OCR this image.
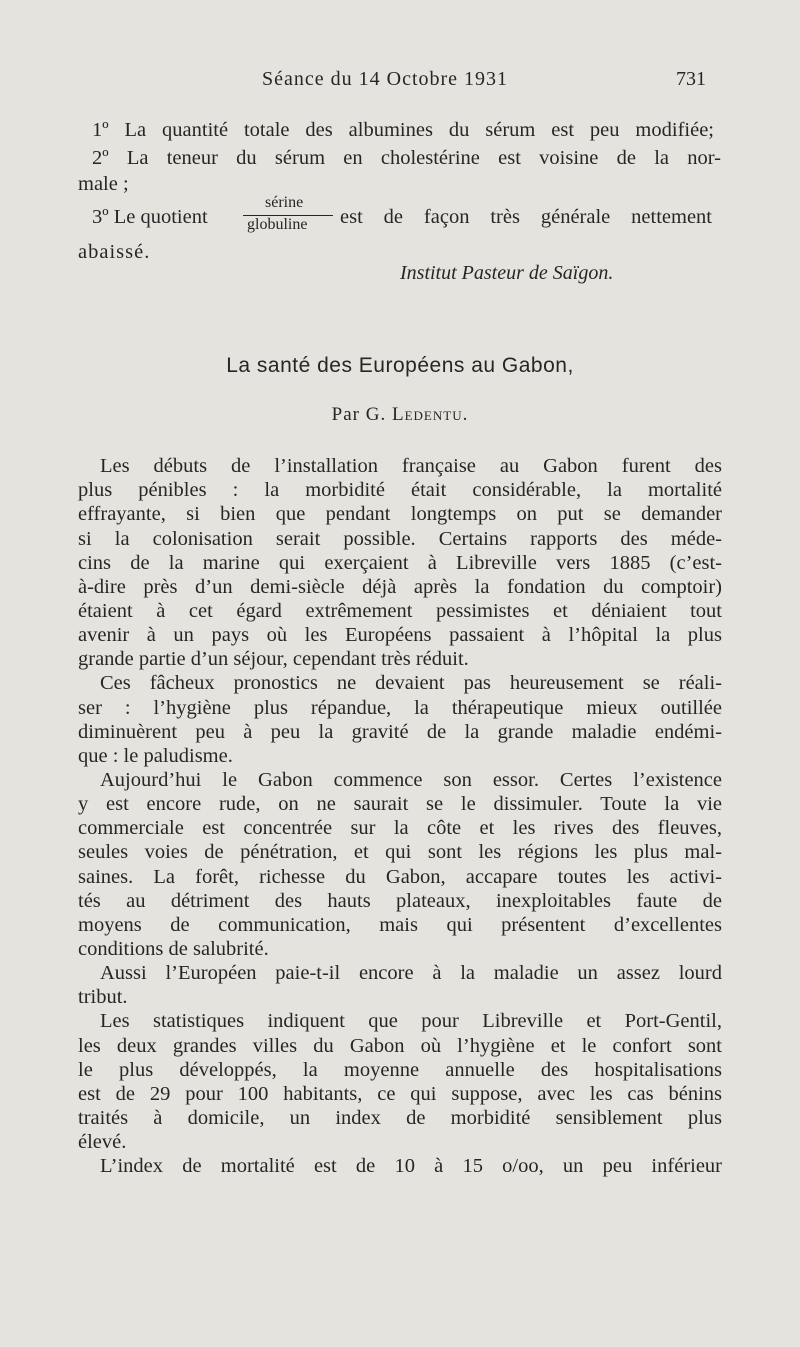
Séance du 14 Octobre 1931	731
1º La quantité totale des albumines du sérum est peu modifiée;
2º La teneur du sérum en cholestérine est voisine de la nor-
male ;
3º Le quotient
sérine
globuline est de façon très générale nettement
abaissé.
Institut Pasteur de Saïgon.
La santé des Européens au Gabon,
Par G. Ledentu.
Les débuts de l’installation française au Gabon furent des
plus pénibles : la morbidité était considérable, la mortalité
effrayante, si bien que pendant longtemps on put se demander
si la colonisation serait possible. Certains rapports des méde-
cins de la marine qui exerçaient à Libreville vers 1885 (c’est-
à-dire près d’un demi-siècle déjà après la fondation du comptoir)
étaient à cet égard extrêmement pessimistes et déniaient tout
avenir à un pays où les Européens passaient à l’hôpital la plus
grande partie d’un séjour, cependant très réduit.
Ces fâcheux pronostics ne devaient pas heureusement se réali-
ser : l’hygiène plus répandue, la thérapeutique mieux outillée
diminuèrent peu à peu la gravité de la grande maladie endémi-
que : le paludisme.
Aujourd’hui le Gabon commence son essor. Certes l’existence
y est encore rude, on ne saurait se le dissimuler. Toute la vie
commerciale est concentrée sur la côte et les rives des fleuves,
seules voies de pénétration, et qui sont les régions les plus mal-
saines. La forêt, richesse du Gabon, accapare toutes les activi-
tés au détriment des hauts plateaux, inexploitables faute de
moyens de communication, mais qui présentent d’excellentes
conditions de salubrité.
Aussi l’Européen paie-t-il encore à la maladie un assez lourd
tribut.
Les statistiques indiquent que pour Libreville et Port-Gentil,
les deux grandes villes du Gabon où l’hygiène et le confort sont
le plus développés, la moyenne annuelle des hospitalisations
est de 29 pour 100 habitants, ce qui suppose, avec les cas bénins
traités à domicile, un index de morbidité sensiblement plus
élevé.
L’index de mortalité est de 10 à 15 o/oo, un peu inférieur
